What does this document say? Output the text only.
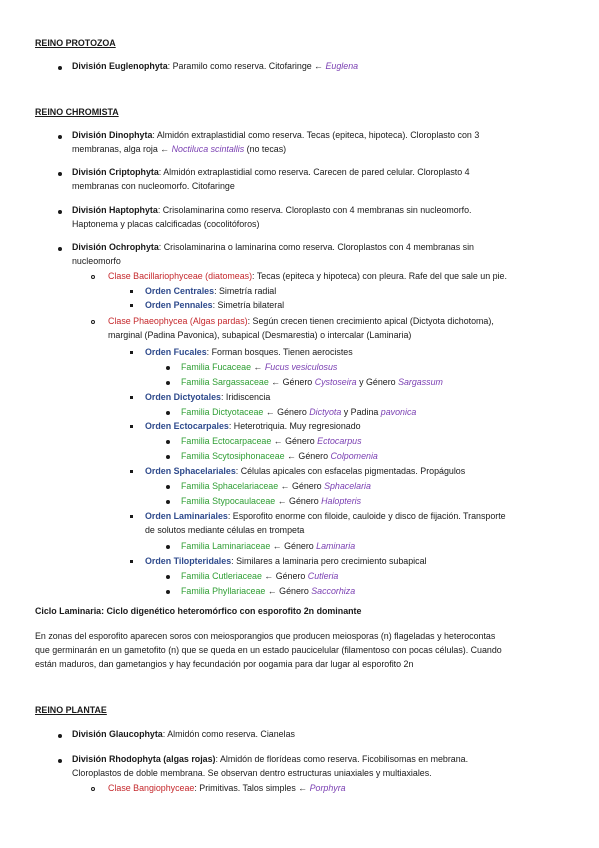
REINO PROTOZOA
División Euglenophyta: Paramilo como reserva. Citofaringe ← Euglena
REINO CHROMISTA
División Dinophyta: Almidón extraplastidial como reserva. Tecas (epiteca, hipoteca). Cloroplasto con 3
membranas, alga roja ← Noctiluca scintallis (no tecas)
División Criptophyta: Almidón extraplastidial como reserva. Carecen de pared celular. Cloroplasto 4
membranas con nucleomorfo. Citofaringe
División Haptophyta: Crisolaminarina como reserva. Cloroplasto con 4 membranas sin nucleomorfo.
Haptonema y placas calcificadas (cocolitóforos)
División Ochrophyta: Crisolaminarina o laminarina como reserva. Cloroplastos con 4 membranas sin
nucleomorfo
Clase Bacillariophyceae (diatomeas): Tecas (epiteca y hipoteca) con pleura. Rafe del que sale un pie.
Orden Centrales: Simetría radial
Orden Pennales: Simetría bilateral
Clase Phaeophycea (Algas pardas): Según crecen tienen crecimiento apical (Dictyota dichotoma),
marginal (Padina Pavonica), subapical (Desmarestia) o intercalar (Laminaria)
Orden Fucales: Forman bosques. Tienen aerocistes
Familia Fucaceae ← Fucus vesiculosus
Familia Sargassaceae ← Género Cystoseira y Género Sargassum
Orden Dictyotales: Iridiscencia
Familia Dictyotaceae ← Género Dictyota y Padina pavonica
Orden Ectocarpales: Heterotriquia. Muy regresionado
Familia Ectocarpaceae ← Género Ectocarpus
Familia Scytosiphonaceae ← Género Colpomenia
Orden Sphacelariales: Células apicales con esfacelas pigmentadas. Propágulos
Familia Sphacelariaceae ← Género Sphacelaria
Familia Stypocaulaceae ← Género Halopteris
Orden Laminariales: Esporofito enorme con filoide, cauloide y disco de fijación. Transporte
de solutos mediante células en trompeta
Familia Laminariaceae ← Género Laminaria
Orden Tilopteridales: Similares a laminaria pero crecimiento subapical
Familia Cutleriaceae ← Género Cutleria
Familia Phyllariaceae ← Género Saccorhiza
Ciclo Laminaria: Ciclo digenético heteromórfico con esporofito 2n dominante
En zonas del esporofito aparecen soros con meiosporangios que producen meiosporas (n) flageladas y heterocontas
que germinarán en un gametofito (n) que se queda en un estado paucicelular (filamentoso con pocas células). Cuando
están maduros, dan gametangios y hay fecundación por oogamia para dar lugar al esporofito 2n
REINO PLANTAE
División Glaucophyta: Almidón como reserva. Cianelas
División Rhodophyta (algas rojas): Almidón de florídeas como reserva. Ficobilisomas en mebrana.
Cloroplastos de doble membrana. Se observan dentro estructuras uniaxiales y multiaxiales.
Clase Bangiophyceae: Primitivas. Talos simples ← Porphyra
